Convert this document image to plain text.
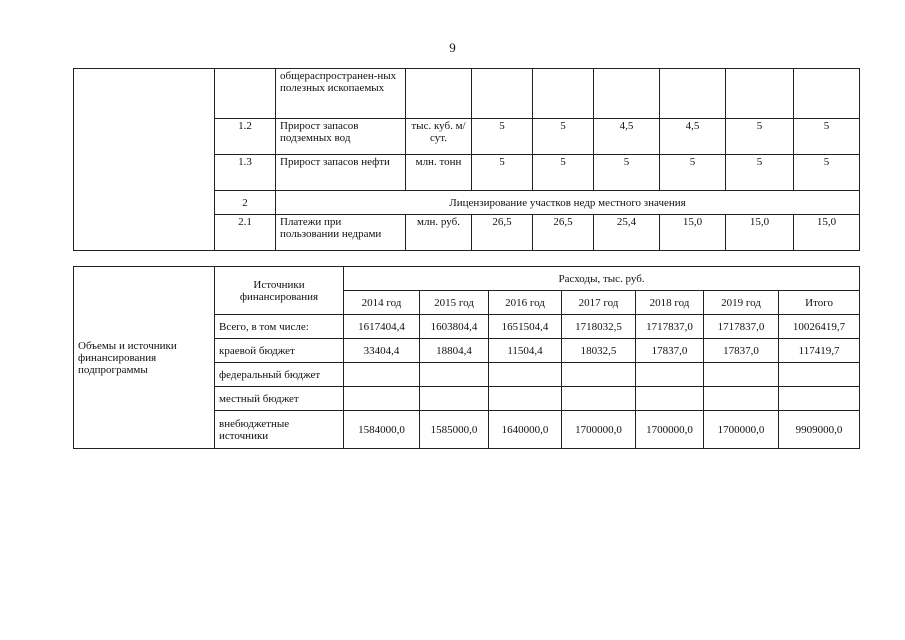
9
		общераспространен-ных полезных ископаемых							
	1.2	Прирост запасов подземных вод	тыс. куб. м/сут.	5	5	4,5	4,5	5	5
	1.3	Прирост запасов нефти	млн. тонн	5	5	5	5	5	5
	2	Лицензирование участков недр местного значения							
	2.1	Платежи при пользовании недрами	млн. руб.	26,5	26,5	25,4	15,0	15,0	15,0
Объемы и источники финансирования подпрограммы	Источники финансирования	Расходы, тыс. руб.						
		2014 год	2015 год	2016 год	2017 год	2018 год	2019 год	Итого
	Всего, в том числе:	1617404,4	1603804,4	1651504,4	1718032,5	1717837,0	1717837,0	10026419,7
	краевой бюджет	33404,4	18804,4	11504,4	18032,5	17837,0	17837,0	117419,7
	федеральный бюджет							
	местный бюджет							
	внебюджетные источники	1584000,0	1585000,0	1640000,0	1700000,0	1700000,0	1700000,0	9909000,0
